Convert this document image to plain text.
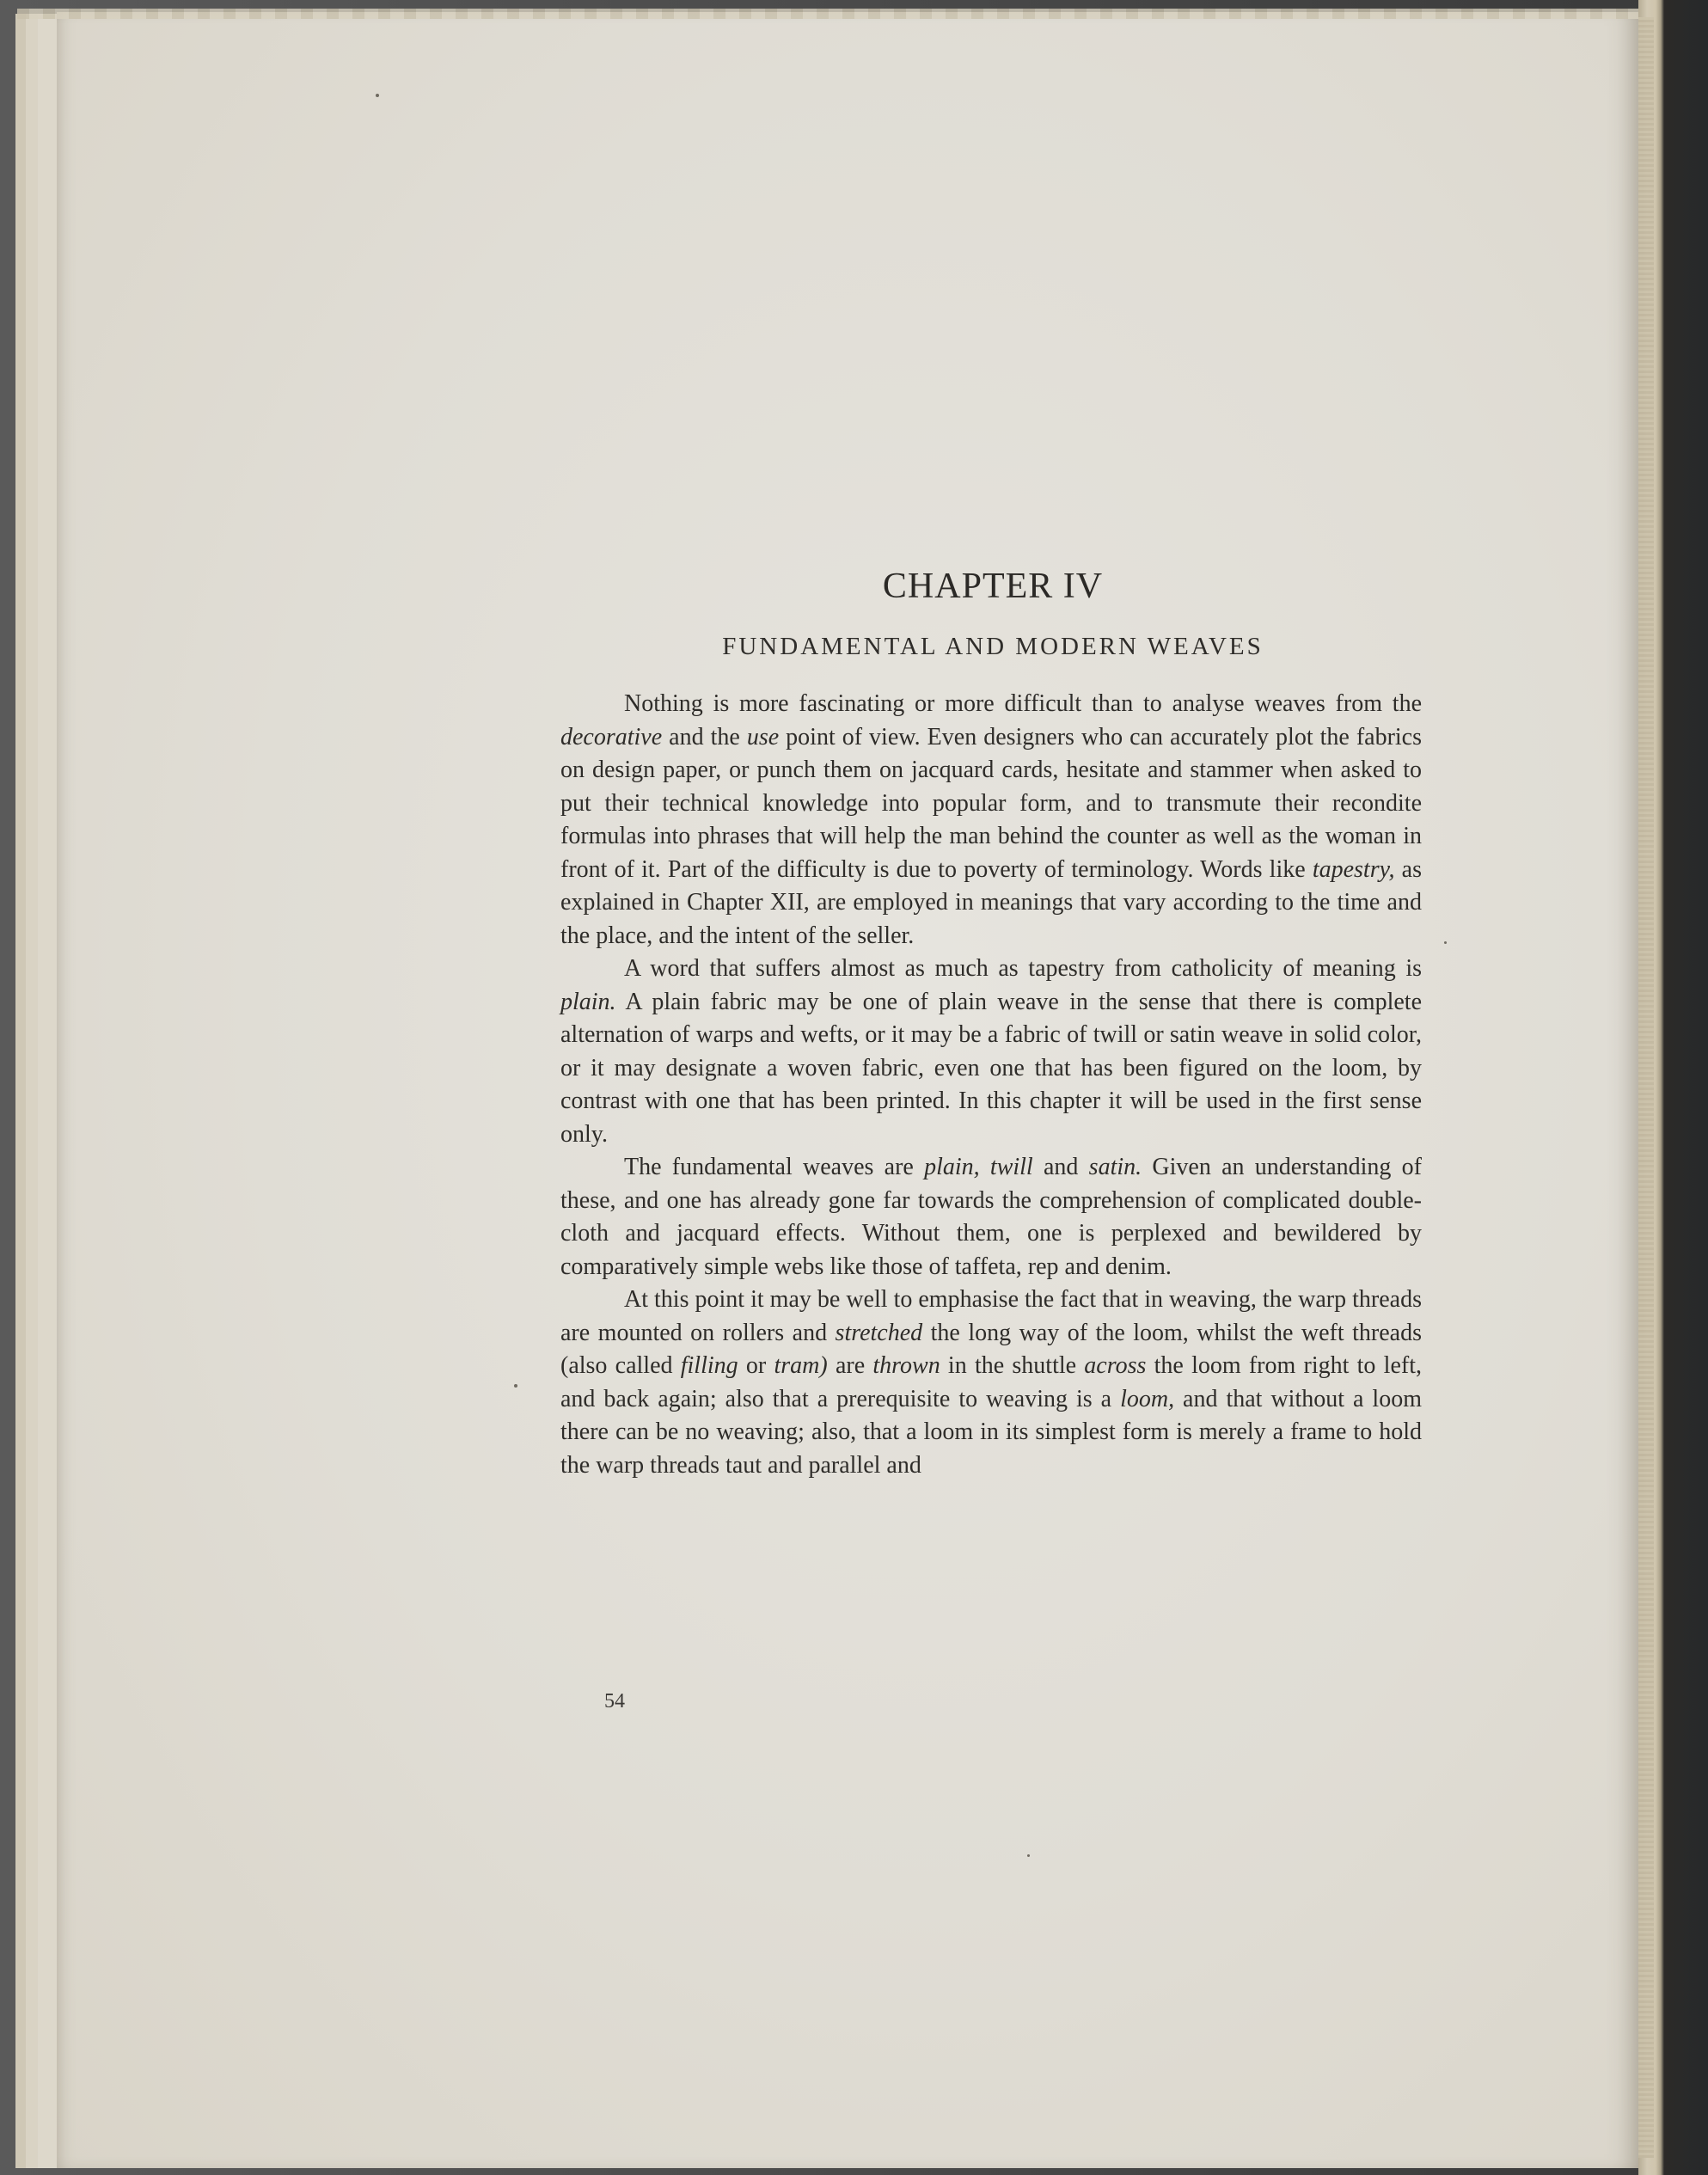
CHAPTER IV
FUNDAMENTAL AND MODERN WEAVES

Nothing is more fascinating or more difficult than to analyse weaves from the decorative and the use point of view. Even designers who can accurately plot the fabrics on design paper, or punch them on jacquard cards, hesitate and stammer when asked to put their technical knowledge into popular form, and to transmute their recondite formulas into phrases that will help the man behind the counter as well as the woman in front of it. Part of the difficulty is due to poverty of terminology. Words like tapestry, as explained in Chapter XII, are employed in meanings that vary according to the time and the place, and the intent of the seller.

A word that suffers almost as much as tapestry from catholicity of meaning is plain. A plain fabric may be one of plain weave in the sense that there is complete alternation of warps and wefts, or it may be a fabric of twill or satin weave in solid color, or it may designate a woven fabric, even one that has been figured on the loom, by contrast with one that has been printed. In this chapter it will be used in the first sense only.

The fundamental weaves are plain, twill and satin. Given an understanding of these, and one has already gone far towards the comprehension of complicated double-cloth and jacquard effects. Without them, one is perplexed and bewildered by comparatively simple webs like those of taffeta, rep and denim.

At this point it may be well to emphasise the fact that in weaving, the warp threads are mounted on rollers and stretched the long way of the loom, whilst the weft threads (also called filling or tram) are thrown in the shuttle across the loom from right to left, and back again; also that a prerequisite to weaving is a loom, and that without a loom there can be no weaving; also, that a loom in its simplest form is merely a frame to hold the warp threads taut and parallel and

54
